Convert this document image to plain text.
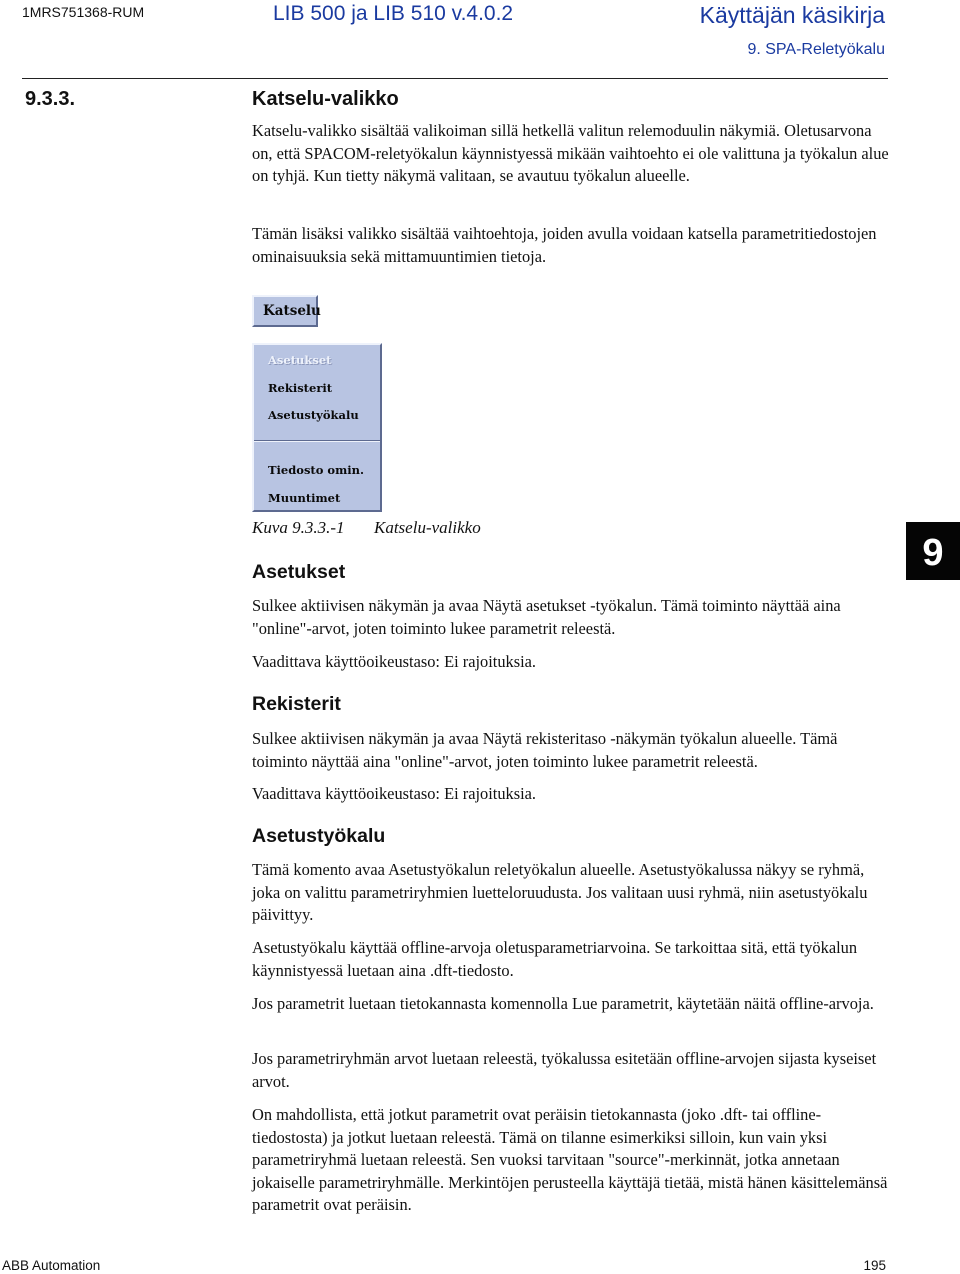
1MRS751368-RUM	LIB 500 ja LIB 510 v.4.0.2	Käyttäjän käsikirja
9. SPA-Reletyökalu
9.3.3.	Katselu-valikko

Katselu-valikko sisältää valikoiman sillä hetkellä valitun relemoduulin näkymiä. Oletusarvona on, että SPACOM-reletyökalun käynnistyessä mikään vaihtoehto ei ole valittuna ja työkalun alue on tyhjä. Kun tietty näkymä valitaan, se avautuu työkalun alueelle.

Tämän lisäksi valikko sisältää vaihtoehtoja, joiden avulla voidaan katsella parametritiedostojen ominaisuuksia sekä mittamuuntimien tietoja.

Katselu
Asetukset
Rekisterit
Asetustyökalu
Tiedosto omin.
Muuntimet
Kuva 9.3.3.-1 Katselu-valikko
9
Asetukset

Sulkee aktiivisen näkymän ja avaa Näytä asetukset -työkalun. Tämä toiminto näyttää aina "online"-arvot, joten toiminto lukee parametrit releestä.

Vaadittava käyttöoikeustaso: Ei rajoituksia.

Rekisterit

Sulkee aktiivisen näkymän ja avaa Näytä rekisteritaso -näkymän työkalun alueelle. Tämä toiminto näyttää aina "online"-arvot, joten toiminto lukee parametrit releestä.

Vaadittava käyttöoikeustaso: Ei rajoituksia.

Asetustyökalu

Tämä komento avaa Asetustyökalun reletyökalun alueelle. Asetustyökalussa näkyy se ryhmä, joka on valittu parametriryhmien luetteloruudusta. Jos valitaan uusi ryhmä, niin asetustyökalu päivittyy.

Asetustyökalu käyttää offline-arvoja oletusparametriarvoina. Se tarkoittaa sitä, että työkalun käynnistyessä luetaan aina .dft-tiedosto.

Jos parametrit luetaan tietokannasta komennolla Lue parametrit, käytetään näitä offline-arvoja.

Jos parametriryhmän arvot luetaan releestä, työkalussa esitetään offline-arvojen sijasta kyseiset arvot.

On mahdollista, että jotkut parametrit ovat peräisin tietokannasta (joko .dft- tai offline-tiedostosta) ja jotkut luetaan releestä. Tämä on tilanne esimerkiksi silloin, kun vain yksi parametriryhmä luetaan releestä. Sen vuoksi tarvitaan "source"-merkinnät, jotka annetaan jokaiselle parametriryhmälle. Merkintöjen perusteella käyttäjä tietää, mistä hänen käsittelemänsä parametrit ovat peräisin.

ABB Automation	195
